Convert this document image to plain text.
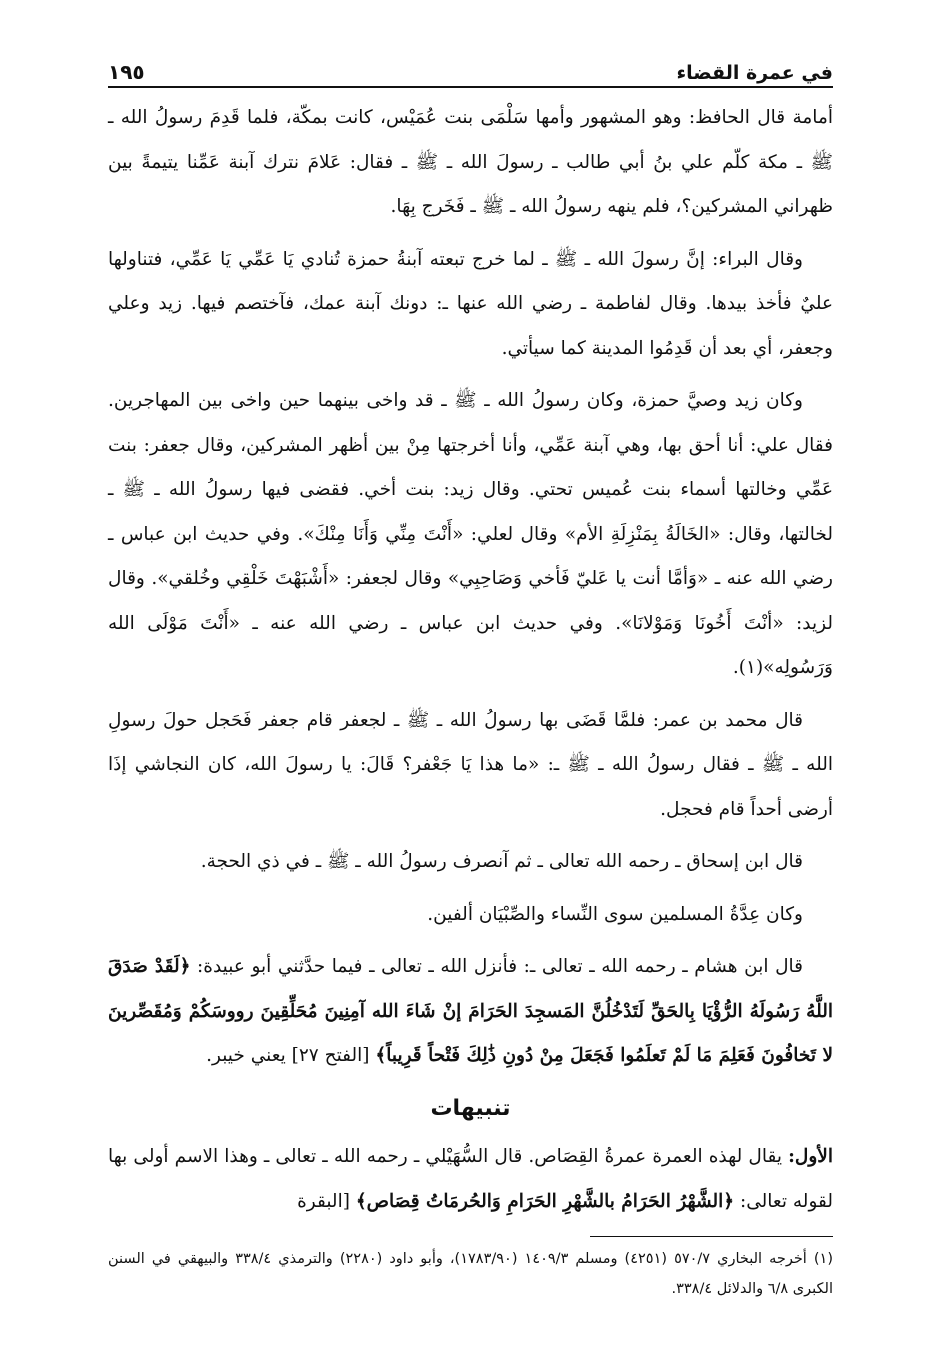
في عمرة القضاء
١٩٥

أمامة قال الحافظ: وهو المشهور وأمها سَلْمَى بنت عُمَيْس، كانت بمكّة، فلما قَدِمَ رسولُ الله ـ ﷺ ـ مكة كلّم علي بنُ أبي طالب ـ رسولَ الله ـ ﷺ ـ فقال: عَلامَ نترك آبنة عَمِّنا يتيمةً بين ظهراني المشركين؟، فلم ينهه رسولُ الله ـ ﷺ ـ فَخَرج بِهَا.

وقال البراء: إنَّ رسولَ الله ـ ﷺ ـ لما خرج تبعته آبنةُ حمزة تُنادي يَا عَمِّي يَا عَمِّي، فتناولها عليٌ فأخذ بيدها. وقال لفاطمة ـ رضي الله عنها ـ: دونك آبنة عمك، فآختصم فيها. زيد وعلي وجعفر، أي بعد أن قَدِمُوا المدينة كما سيأتي.

وكان زيد وصيَّ حمزة، وكان رسولُ الله ـ ﷺ ـ قد واخى بينهما حين واخى بين المهاجرين. فقال علي: أنا أحق بها، وهي آبنة عَمِّي، وأنا أخرجتها مِنْ بين أظهر المشركين، وقال جعفر: بنت عَمِّي وخالتها أسماء بنت عُميس تحتي. وقال زيد: بنت أخي. فقضى فيها رسولُ الله ـ ﷺ ـ لخالتها، وقال: «الخَالَةُ بِمَنْزِلَةِ الأم» وقال لعلي: «أَنْتَ مِنِّي وَأَنَا مِنْكَ». وفي حديث ابن عباس ـ رضي الله عنه ـ «وَأمَّا أنت يا عَليّ فَأخي وَصَاحِبِي» وقال لجعفر: «أَشْبَهْتَ خَلْقِي وخُلقي». وقال لزيد: «أنْتَ أَخُونَا وَمَوْلانَا». وفي حديث ابن عباس ـ رضي الله عنه ـ «أَنْتَ مَوْلَى الله وَرَسُولِه»(١).

قال محمد بن عمر: فلمَّا قَضَى بها رسولُ الله ـ ﷺ ـ لجعفر قام جعفر فَحَجل حولَ رسولِ الله ـ ﷺ ـ فقال رسولُ الله ـ ﷺ ـ: «ما هذا يَا جَعْفر؟ قَالَ: يا رسولَ الله، كان النجاشي إذَا أرضى أحداً قام فحجل.

قال ابن إسحاق ـ رحمه الله تعالى ـ ثم آنصرف رسولُ الله ـ ﷺ ـ في ذي الحجة.

وكان عِدَّةُ المسلمين سوى النِّساء والصِّبْيَان ألفين.

قال ابن هشام ـ رحمه الله ـ تعالى ـ: فأنزل الله ـ تعالى ـ فيما حدَّثني أبو عبيدة: ﴿لَقَدْ صَدَقَ اللَّهُ رَسُولَهُ الرُّؤْيَا بِالحَقِّ لَتَدْخُلُنَّ المَسجِدَ الحَرَامَ إنْ شَاءَ الله آمِنِينَ مُحَلِّقِينَ رووسَكُمْ وَمُقَصِّرينَ لا تَخافُونَ فَعَلِمَ مَا لَمْ تَعلَمُوا فَجَعَلَ مِنْ دُونِ ذَٰلِكَ فَتْحاً قَرِيباً﴾ [الفتح ٢٧] يعني خيبر.

تنبيهات

الأول: يقال لهذه العمرة عمرةُ القِصَاص. قال السُّهَيْلي ـ رحمه الله ـ تعالى ـ وهذا الاسم أولى بها لقوله تعالى: ﴿الشَّهْرُ الحَرَامُ بالشَّهْرِ الحَرَامِ وَالحُرمَاتُ قِصَاص﴾ [البقرة

(١) أخرجه البخاري ٥٧٠/٧ (٤٢٥١) ومسلم ١٤٠٩/٣ (١٧٨٣/٩٠)، وأبو داود (٢٢٨٠) والترمذي ٣٣٨/٤ والبيهقي في السنن الكبرى ٦/٨ والدلائل ٣٣٨/٤.
